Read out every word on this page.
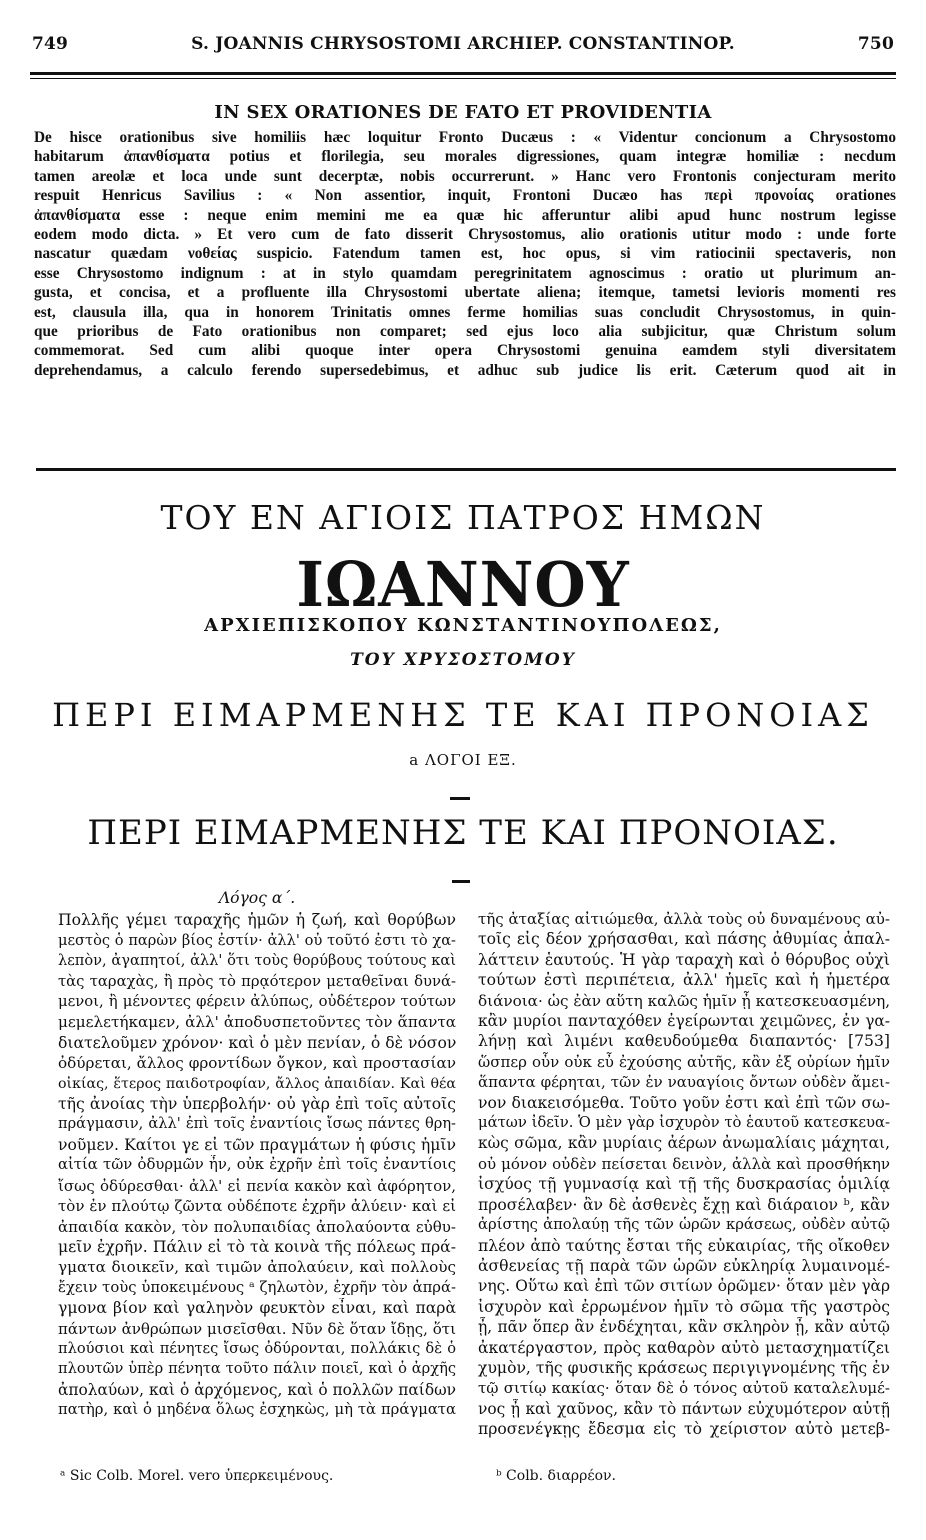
749	S. JOANNIS CHRYSOSTOMI ARCHIEP. CONSTANTINOP.	750
IN SEX ORATIONES DE FATO ET PROVIDENTIA
De hisce orationibus sive homiliis hæc loquitur Fronto Ducæus : « Videntur concionum a Chrysostomo
habitarum ἀπανθίσματα potius et florilegia, seu morales digressiones, quam integræ homiliæ : necdum
tamen areolæ et loca unde sunt decerptæ, nobis occurrerunt. » Hanc vero Frontonis conjecturam merito
respuit Henricus Savilius : « Non assentior, inquit, Frontoni Ducæo has περὶ προνοίας orationes
ἀπανθίσματα esse : neque enim memini me ea quæ hic afferuntur alibi apud hunc nostrum legisse
eodem modo dicta. » Et vero cum de fato disserit Chrysostomus, alio orationis utitur modo : unde forte
nascatur quædam νοθείας suspicio. Fatendum tamen est, hoc opus, si vim ratiocinii spectaveris, non
esse Chrysostomo indignum : at in stylo quamdam peregrinitatem agnoscimus : oratio ut plurimum an-
gusta, et concisa, et a profluente illa Chrysostomi ubertate aliena; itemque, tametsi levioris momenti res
est, clausula illa, qua in honorem Trinitatis omnes ferme homilias suas concludit Chrysostomus, in quin-
que prioribus de Fato orationibus non comparet; sed ejus loco alia subjicitur, quæ Christum solum
commemorat. Sed cum alibi quoque inter opera Chrysostomi genuina eamdem styli diversitatem
deprehendamus, a calculo ferendo supersedebimus, et adhuc sub judice lis erit. Cæterum quod ait in
ΤΟΥ ΕΝ ΑΓΙΟΙΣ ΠΑΤΡΟΣ ΗΜΩΝ
ΙΩΑΝΝΟΥ
ΑΡΧΙΕΠΙΣΚΟΠΟΥ ΚΩΝΣΤΑΝΤΙΝΟΥΠΟΛΕΩΣ,
ΤΟΥ ΧΡΥΣΟΣΤΟΜΟΥ
ΠΕΡΙ ΕΙΜΑΡΜΕΝΗΣ ΤΕ ΚΑΙ ΠΡΟΝΟΙΑΣ
a ΛΟΓΟΙ ΕΞ.
ΠΕΡΙ ΕΙΜΑΡΜΕΝΗΣ ΤΕ ΚΑΙ ΠΡΟΝΟΙΑΣ.
Λόγος α΄.
Πολλῆς γέμει ταραχῆς ἡμῶν ἡ ζωή, καὶ θορύβων
μεστὸς ὁ παρὼν βίος ἐστίν· ἀλλ' οὐ τοῦτό ἐστι τὸ χα-
λεπὸν, ἀγαπητοί, ἀλλ' ὅτι τοὺς θορύβους τούτους καὶ
τὰς ταραχὰς, ἢ πρὸς τὸ πρᾳότερον μεταθεῖναι δυνά-
μενοι, ἢ μένοντες φέρειν ἀλύπως, οὐδέτερον τούτων
μεμελετήκαμεν, ἀλλ' ἀποδυσπετοῦντες τὸν ἅπαντα
διατελοῦμεν χρόνον· καὶ ὁ μὲν πενίαν, ὁ δὲ νόσον
ὀδύρεται, ἄλλος φροντίδων ὄγκον, καὶ προστασίαν
οἰκίας, ἕτερος παιδοτροφίαν, ἄλλος ἀπαιδίαν. Καὶ θέα
τῆς ἀνοίας τὴν ὑπερβολήν· οὐ γὰρ ἐπὶ τοῖς αὐτοῖς
πράγμασιν, ἀλλ' ἐπὶ τοῖς ἐναντίοις ἴσως πάντες θρη-
νοῦμεν. Καίτοι γε εἰ τῶν πραγμάτων ἡ φύσις ἡμῖν
αἰτία τῶν ὀδυρμῶν ἦν, οὐκ ἐχρῆν ἐπὶ τοῖς ἐναντίοις
ἴσως ὀδύρεσθαι· ἀλλ' εἰ πενία κακὸν καὶ ἀφόρητον,
τὸν ἐν πλούτῳ ζῶντα οὐδέποτε ἐχρῆν ἀλύειν· καὶ εἰ
ἀπαιδία κακὸν, τὸν πολυπαιδίας ἀπολαύοντα εὐθυ-
μεῖν ἐχρῆν. Πάλιν εἰ τὸ τὰ κοινὰ τῆς πόλεως πρά-
γματα διοικεῖν, καὶ τιμῶν ἀπολαύειν, καὶ πολλοὺς
ἔχειν τοὺς ὑποκειμένους ᵃ ζηλωτὸν, ἐχρῆν τὸν ἀπρά-
γμονα βίον καὶ γαληνὸν φευκτὸν εἶναι, καὶ παρὰ
πάντων ἀνθρώπων μισεῖσθαι. Νῦν δὲ ὅταν ἴδῃς, ὅτι
πλούσιοι καὶ πένητες ἴσως ὀδύρονται, πολλάκις δὲ ὁ
πλουτῶν ὑπὲρ πένητα τοῦτο πάλιν ποιεῖ, καὶ ὁ ἀρχῆς
ἀπολαύων, καὶ ὁ ἀρχόμενος, καὶ ὁ πολλῶν παίδων
πατὴρ, καὶ ὁ μηδένα ὅλως ἐσχηκὼς, μὴ τὰ πράγματα
τῆς ἀταξίας αἰτιώμεθα, ἀλλὰ τοὺς οὐ δυναμένους αὐ-
τοῖς εἰς δέον χρήσασθαι, καὶ πάσης ἀθυμίας ἀπαλ-
λάττειν ἑαυτούς. Ἡ γὰρ ταραχὴ καὶ ὁ θόρυβος οὐχὶ
τούτων ἐστὶ περιπέτεια, ἀλλ' ἡμεῖς καὶ ἡ ἡμετέρα
διάνοια· ὡς ἐὰν αὕτη καλῶς ἡμῖν ᾖ κατεσκευασμένη,
κἂν μυρίοι πανταχόθεν ἐγείρωνται χειμῶνες, ἐν γα-
λήνῃ καὶ λιμένι καθευδούμεθα διαπαντός· [753]
ὥσπερ οὖν οὐκ εὖ ἐχούσης αὐτῆς, κἂν ἐξ οὐρίων ἡμῖν
ἅπαντα φέρηται, τῶν ἐν ναυαγίοις ὄντων οὐδὲν ἄμει-
νον διακεισόμεθα. Τοῦτο γοῦν ἐστι καὶ ἐπὶ τῶν σω-
μάτων ἰδεῖν. Ὁ μὲν γὰρ ἰσχυρὸν τὸ ἑαυτοῦ κατεσκευα-
κὼς σῶμα, κἂν μυρίαις ἀέρων ἀνωμαλίαις μάχηται,
οὐ μόνον οὐδὲν πείσεται δεινὸν, ἀλλὰ καὶ προσθήκην
ἰσχύος τῇ γυμνασίᾳ καὶ τῇ τῆς δυσκρασίας ὁμιλίᾳ
προσέλαβεν· ἂν δὲ ἀσθενὲς ἔχῃ καὶ διάραιον ᵇ, κἂν
ἀρίστης ἀπολαύῃ τῆς τῶν ὡρῶν κράσεως, οὐδὲν αὐτῷ
πλέον ἀπὸ ταύτης ἔσται τῆς εὐκαιρίας, τῆς οἴκοθεν
ἀσθενείας τῇ παρὰ τῶν ὡρῶν εὐκληρίᾳ λυμαινομέ-
νης. Οὕτω καὶ ἐπὶ τῶν σιτίων ὁρῶμεν· ὅταν μὲν γὰρ
ἰσχυρὸν καὶ ἐρρωμένον ἡμῖν τὸ σῶμα τῆς γαστρὸς
ᾖ, πᾶν ὅπερ ἂν ἐνδέχηται, κἂν σκληρὸν ᾖ, κἂν αὐτῷ
ἀκατέργαστον, πρὸς καθαρὸν αὐτὸ μετασχηματίζει
χυμὸν, τῆς φυσικῆς κράσεως περιγιγνομένης τῆς ἐν
τῷ σιτίῳ κακίας· ὅταν δὲ ὁ τόνος αὐτοῦ καταλελυμέ-
νος ᾖ καὶ χαῦνος, κἂν τὸ πάντων εὐχυμότερον αὐτῇ
προσενέγκῃς ἔδεσμα εἰς τὸ χείριστον αὐτὸ μετεβ-
ᵃ Sic Colb. Morel. vero ὑπερκειμένους.	ᵇ Colb. διαρρέον.
